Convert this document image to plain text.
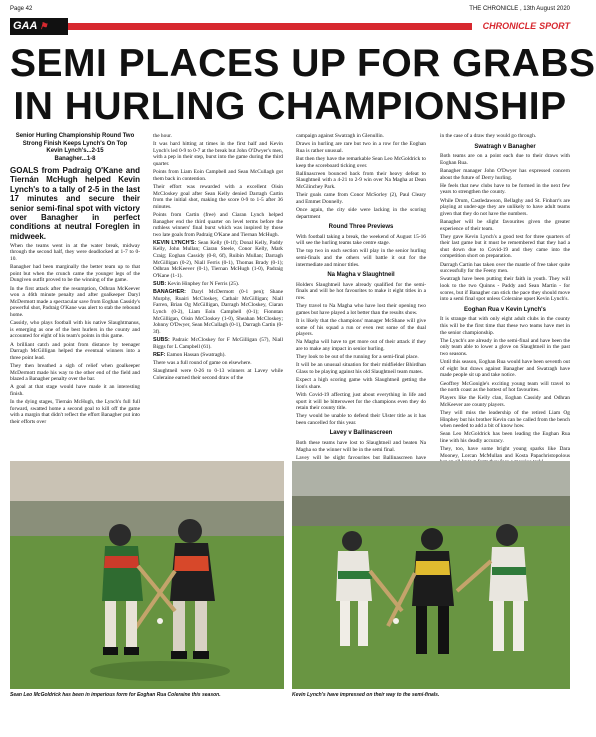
Page 42	THE CHRONICLE , 13th August 2020
GAA ⚑	CHRONICLE SPORT
SEMI PLACES UP FOR GRABS
IN HURLING CHAMPIONSHIP
Senior Hurling Championship Round Two
Strong Finish Keeps Lynch's On Top
Kevin Lynch's...2-15
Banagher...1-8

GOALS from Padraig O'Kane and Tiernán McHugh helped Kevin Lynch's to a tally of 2-5 in the last 17 minutes and secure their senior semi-final spot with victory over Banagher in perfect conditions at neutral Foreglen in midweek.

When the teams went in at the water break, midway through the second half, they were deadlocked at 1-7 to 0-10.

Banagher had been marginally the better team up to that point but when the crunch came the younger legs of the Dungiven outfit proved to be the winning of the game.

In the first attack after the resumption, Odhran McKeever won a 46th minute penalty and after goalkeeper Daryl McDermott made a spectacular save from Eoghan Cassidy's powerful shot, Padraig O'Kane was alert to stab the rebound home.

Cassidy, who plays football with his native Slaughtmanus, is emerging as one of the best hurlers in the county and accounted for eight of his team's points in this game.

A brilliant catch and point from distance by teenager Darragh McGilligan helped the eventual winners into a three point lead.

They then breathed a sigh of relief when goalkeeper McDermott made his way to the other end of the field and blazed a Banagher penalty over the bar.

A goal at that stage would have made it an interesting finish.

In the dying stages, Tiernán McHugh, the Lynch's full full forward, swatted home a second goal to kill off the game with a margin that didn't reflect the effort Banagher put into their efforts over

the hour.

It was hard hitting at times in the first half and Kevin Lynch's led 0-9 to 0-7 at the break but John O'Dwyer's men, with a pep in their step, burst into the game during the third quarter.

Points from Liam Eoin Campbell and Sean McCullagh got them back in contention.

Their effort was rewarded with a excellent Oisin McCloskey goal after Sean Kelly denied Darragh Cartin from the initial shot, making the score 0-9 to 1-5 after 36 minutes.

Points from Cartin (free) and Ciaran Lynch helped Banagher end the third quarter on level terms before the ruthless winners' final burst which was inspired by those two late goals from Padraig O'Kane and Tiernan McHugh.

KEVIN LYNCH'S: Sean Kelly (0-1f); Donal Kelly, Paddy Kelly, John Mullan; Ciaran Steele, Conor Kelly, Mark Craig; Eoghan Cassidy (0-8, 6f), Ruibin Mullan; Darragh McGilligan (0-2), Niall Ferris (0-1), Thomas Brady (0-1); Odhran McKeever (0-1), Tiernan McHugh (1-0), Padraig O'Kane (1-1).

SUB: Kevin Hinphey for N Ferris (25).

BANAGHER: Daryl McDermott (0-1 pen); Shane Murphy, Ruairi McCloskey, Cathair McGilligan; Niall Farren, Brian Og McGilligan, Darragh McCloskey, Ciaran Lynch (0-2), Liam Eoin Campbell (0-1); Fionntan McGilligan, Oisin McCloskey (1-0), Sheahan McCloskey; Johnny O'Dwyer, Sean McCullagh (0-1), Darragh Cartin (0-3f).

SUBS: Padraic McCloskey for F McGilligan (57), Niall Biggs for L Campbell (61).

REF: Eamon Hassan (Swatragh).

There was a full round of game on elsewhere.

Slaughtneil were 0-26 to 0-13 winners at Lavey while Coleraine earned their second draw of the

campaign against Swatragh in Glenullin.

Draws in hurling are rare but two in a row for the Eoghan Rua is rather unusual.

But then they have the remarkable Sean Leo McGoldrick to keep the scoreboard ticking over.

Ballinascreen bounced back from their heavy defeat to Slaughtneil with a 4-21 to 2-9 win over Na Magha at Dean McGlinchey Park.

Their goals came from Conor McSorley (2), Paul Cleary and Emmet Donnelly.

Once again, the city side were lacking in the scoring department

Round Three Previews

With football taking a break, the weekend of August 15-16 will see the hurling teams take centre stage.

The top two in each section will play in the senior hurling semi-finals and the others will battle it out for the intermediate and minor titles.

Na Magha v Slaughtneil

Holders Slaughtneil have already qualified for the semi-finals and will be hot favourites to make it eight titles in a row.

They travel to Na Magha who have lost their opening two games but have played a lot better than the results show.

It is likely that the champions' manager McShane will give some of his squad a run or even rest some of the dual players.

Na Magha will have to get more out of their attack if they are to make any impact in senior hurling.

They look to be out of the running for a semi-final place.

It will be an unusual situation for their midfielder Bhirdhan Glass to be playing against his old Slaughtneil team mates.

Expect a high scoring game with Slaughtneil getting the lion's share.

With Covid-19 affecting just about everything in life and sport it will be bittersweet for the champions even they do retain their county title.

They would be unable to defend their Ulster title as it has been cancelled for this year.

Lavey v Ballinascreen

Both these teams have lost to Slaughtneil and beaten Na Magha so the winner will be in the semi final.

Lavey will be slight favourites but Ballinascreen have

in the case of a draw they would go through.

Swatragh v Banagher

Both teams are on a point each due to their draws with Eoghan Rua.

Banagher manager John O'Dwyer has expressed concern about the future of Derry hurling.

He feels that new clubs have to be formed in the next few years to strengthen the county.

While Drum, Castledawson, Bellaghy and St. Finbarr's are playing at under-age they are unlikely to have adult teams given that they do not have the numbers.

Banagher will be slight favourites given the greater experience of their team.

They gave Kevin Lynch's a good test for three quarters of their last game but it must be remembered that they had a shut down due to Covid-19 and they came into the competition short on preparation.

Darragh Cartin has taken over the mantle of free taker quite successfully for the Feeny men.

Swatragh have been putting their faith in youth. They will look to the two Quinns - Paddy and Sean Martin - for scores, but if Banagher can stick the pace they should move into a semi final spot unless Coleraine upset Kevin Lynch's.

Eoghan Rua v Kevin Lynch's

It is strange that with only eight adult clubs in the county this will be the first time that these two teams have met in the senior championship.

The Lynch's are already in the semi-final and have been the only team able to lower a glove on Slaughtneil in the past two seasons.

Until this season, Eoghan Rua would have been seventh out of eight but draws against Banagher and Swatragh have made people sit up and take notice.

Geoffrey McGonigle's exciting young team will travel to the north coast as the hottest of hot favourites.

Players like the Kelly clan, Eoghan Cassidy and Odhran McKeever are county players.

They will miss the leadership of the retired Liam Og Hinphey but his brother Kevin can be called from the bench when needed to add a bit of know how.

Sean Leo McGoldrick has been leading the Eoghan Rua line with his deadly accuracy.

They, too, have some bright young sparks like Dara Mooney, Lorcan McMullan and Kosta Papachristopolous

Sean Leo McGoldrick has been in imperious form for Eoghan Rua Coleraine this season.	Kevin Lynch's have impressed on their way to the semi-finals.
